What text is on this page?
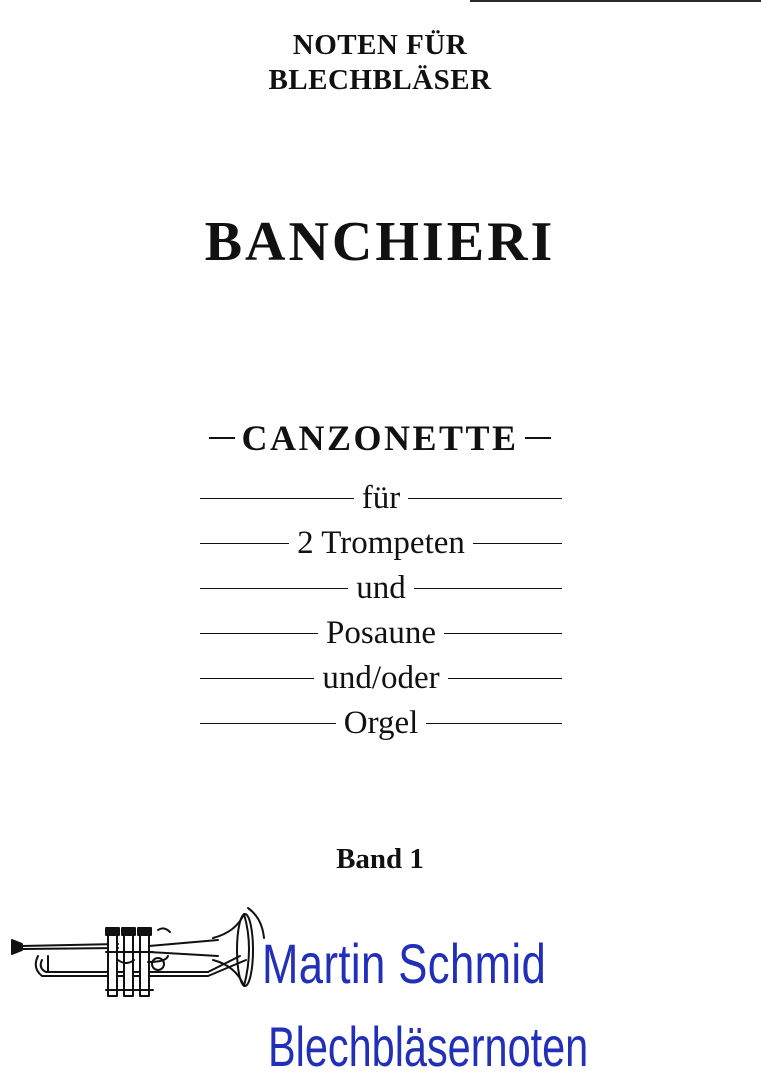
NOTEN FÜR
BLECHBLÄSER
BANCHIERI
CANZONETTE
für
2 Trompeten
und
Posaune
und/oder
Orgel
Band 1
Martin Schmid
Blechbläsernoten
